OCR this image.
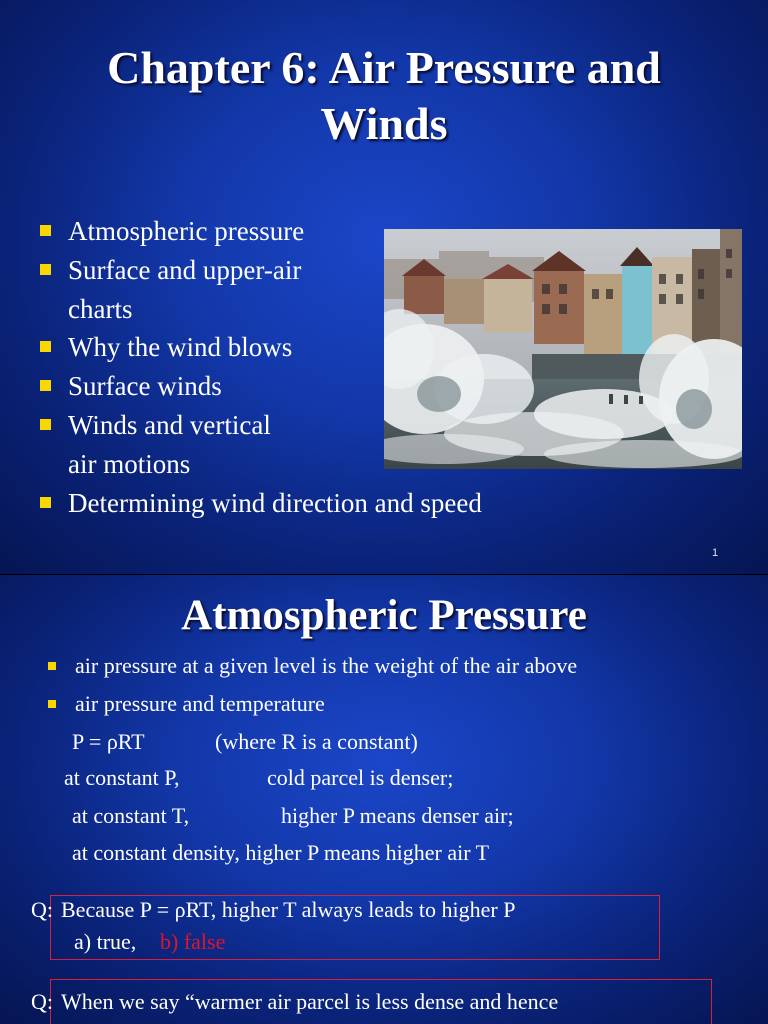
Chapter 6: Air Pressure and
Winds
Atmospheric pressure
Surface and upper-air
charts
Why the wind blows
Surface winds
Winds and vertical
air motions
Determining wind direction and speed
1
Atmospheric Pressure
air pressure at a given level is the weight of the air above
air pressure and temperature
P = ρRT	(where R is a constant)
at constant P,	cold parcel is denser;
at constant T,	higher P means denser air;
at constant density, higher P means higher air T
Q: Because P = ρRT, higher T always leads to higher P
a) true, b) false
Q: When we say “warmer air parcel is less dense and hence
